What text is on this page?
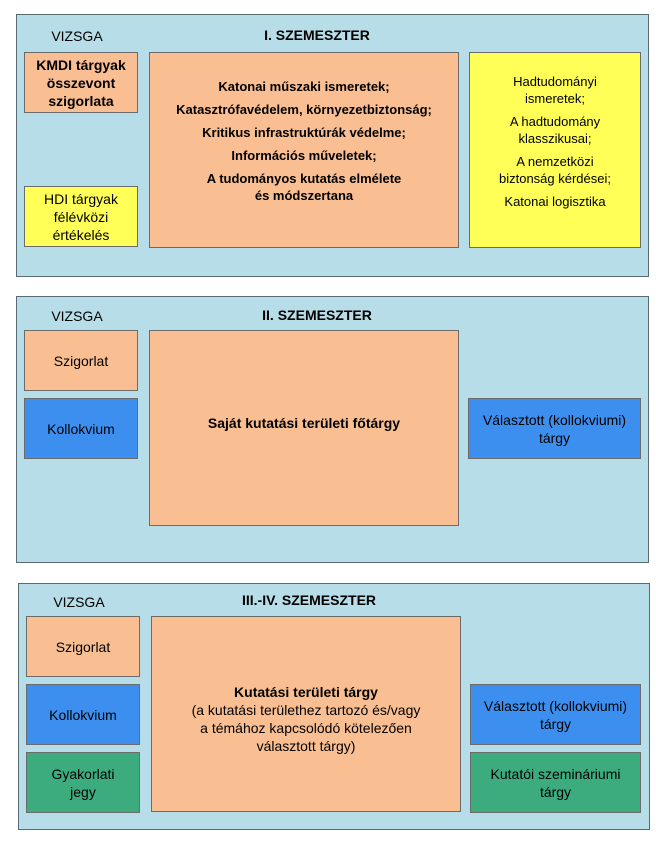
I. SZEMESZTER
VIZSGA
KMDI tárgyak
összevont
szigorlata
HDI tárgyak
félévközi
értékelés
Katonai műszaki ismeretek;
Katasztrófavédelem, környezetbiztonság;
Kritikus infrastruktúrák védelme;
Információs műveletek;
A tudományos kutatás elmélete
és módszertana
Hadtudományi
ismeretek;
A hadtudomány
klasszikusai;
A nemzetközi
biztonság kérdései;
Katonai logisztika
II. SZEMESZTER
VIZSGA
Szigorlat
Kollokvium	Saját kutatási területi főtárgy	Választott (kollokviumi)
tárgy
III.-IV. SZEMESZTER
VIZSGA
Szigorlat
Kollokvium
Gyakorlati
jegy
Kutatási területi tárgy
(a kutatási területhez tartozó és/vagy
a témához kapcsolódó kötelezően
választott tárgy)
Választott (kollokviumi)
tárgy
Kutatói szemináriumi
tárgy
